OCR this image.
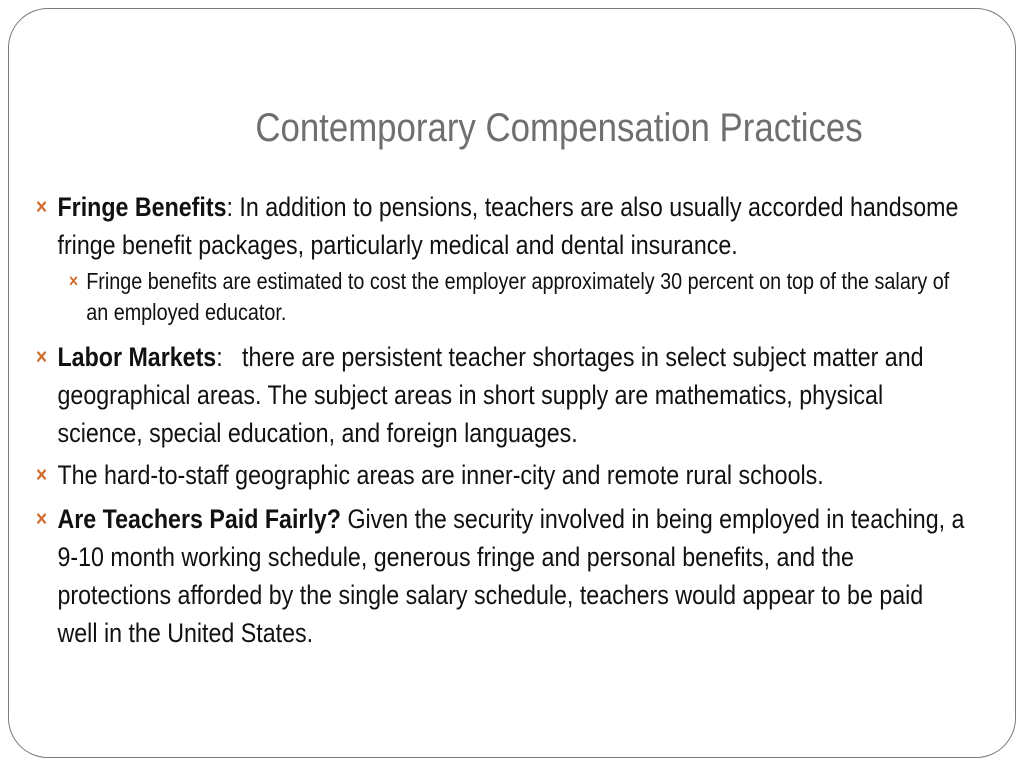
Contemporary Compensation Practices
× Fringe Benefits: In addition to pensions, teachers are also usually accorded handsome fringe benefit packages, particularly medical and dental insurance.
× Fringe benefits are estimated to cost the employer approximately 30 percent on top of the salary of an employed educator.
× Labor Markets:   there are persistent teacher shortages in select subject matter and geographical areas. The subject areas in short supply are mathematics, physical science, special education, and foreign languages.
× The hard-to-staff geographic areas are inner-city and remote rural schools.
× Are Teachers Paid Fairly? Given the security involved in being employed in teaching, a 9-10 month working schedule, generous fringe and personal benefits, and the protections afforded by the single salary schedule, teachers would appear to be paid well in the United States.
